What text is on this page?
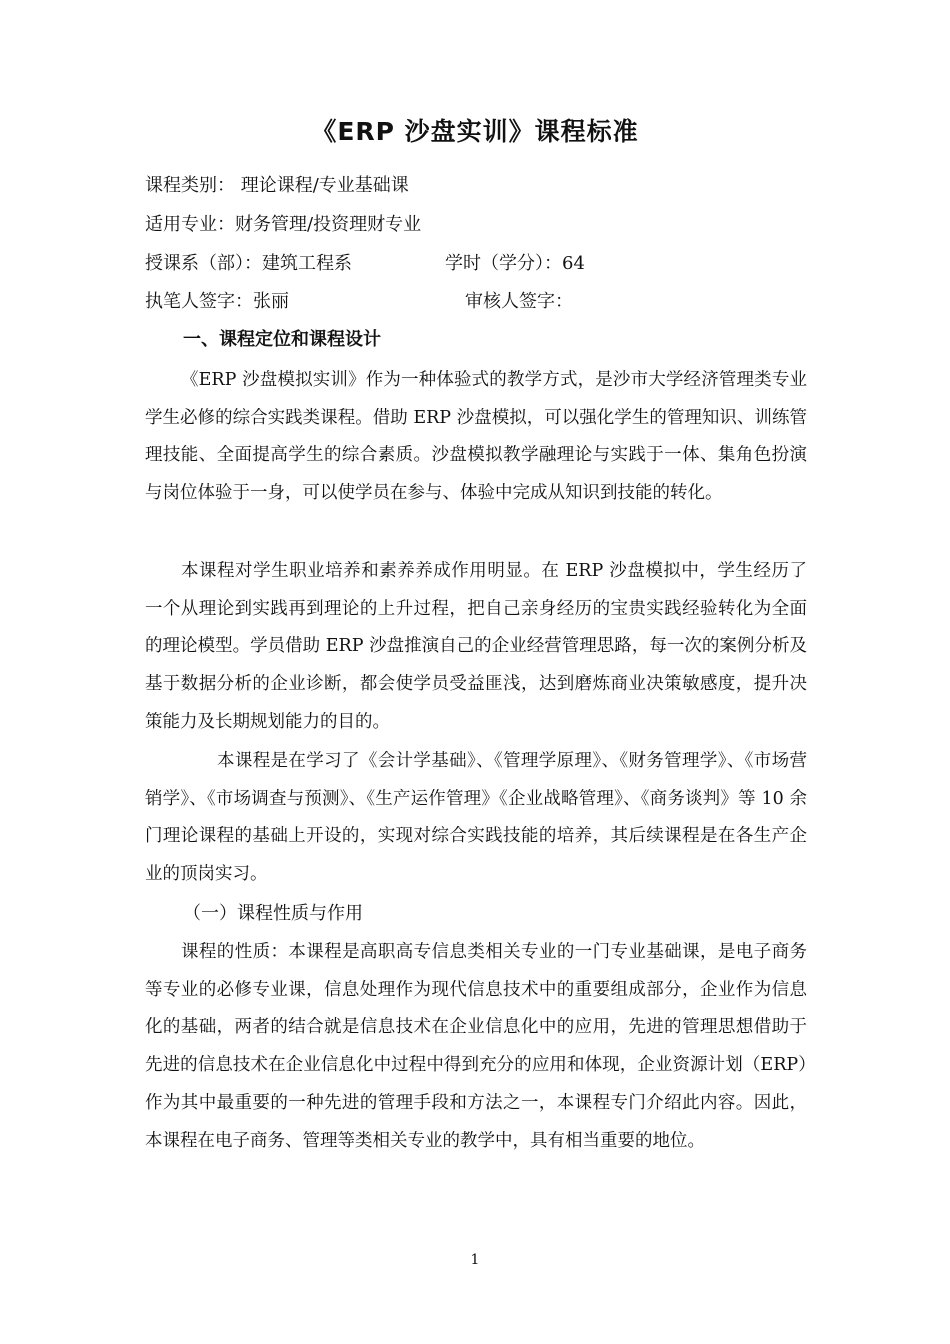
《ERP 沙盘实训》课程标准
课程类别： 理论课程/专业基础课
适用专业：财务管理/投资理财专业
授课系（部）：建筑工程系	学时（学分）：64
执笔人签字：张丽	审核人签字：
一、课程定位和课程设计

《ERP 沙盘模拟实训》作为一种体验式的教学方式，是沙市大学经济管理类专业学生必修的综合实践类课程。借助 ERP 沙盘模拟，可以强化学生的管理知识、训练管理技能、全面提高学生的综合素质。沙盘模拟教学融理论与实践于一体、集角色扮演与岗位体验于一身，可以使学员在参与、体验中完成从知识到技能的转化。

本课程对学生职业培养和素养养成作用明显。在 ERP 沙盘模拟中，学生经历了一个从理论到实践再到理论的上升过程，把自己亲身经历的宝贵实践经验转化为全面的理论模型。学员借助 ERP 沙盘推演自己的企业经营管理思路，每一次的案例分析及基于数据分析的企业诊断，都会使学员受益匪浅，达到磨炼商业决策敏感度，提升决策能力及长期规划能力的目的。

本课程是在学习了《会计学基础》、《管理学原理》、《财务管理学》、《市场营销学》、《市场调查与预测》、《生产运作管理》《企业战略管理》、《商务谈判》等 10 余门理论课程的基础上开设的，实现对综合实践技能的培养，其后续课程是在各生产企业的顶岗实习。

（一）课程性质与作用

课程的性质：本课程是高职高专信息类相关专业的一门专业基础课，是电子商务等专业的必修专业课，信息处理作为现代信息技术中的重要组成部分，企业作为信息化的基础，两者的结合就是信息技术在企业信息化中的应用，先进的管理思想借助于先进的信息技术在企业信息化中过程中得到充分的应用和体现，企业资源计划（ERP）作为其中最重要的一种先进的管理手段和方法之一，本课程专门介绍此内容。因此，本课程在电子商务、管理等类相关专业的教学中，具有相当重要的地位。

1
